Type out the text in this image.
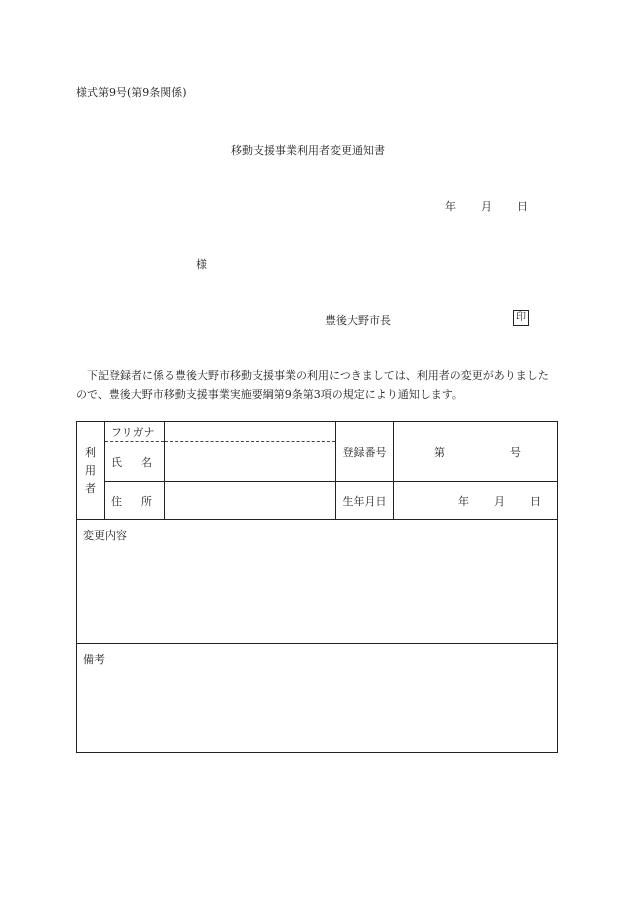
様式第9号(第9条関係)
移動支援事業利用者変更通知書
年 月 日
様
豊後大野市長	印
下記登録者に係る豊後大野市移動支援事業の利用につきましては、利用者の変更がありましたので、豊後大野市移動支援事業実施要綱第9条第3項の規定により通知します。
利用者	フリガナ		登録番号	第 号

	氏 名			

	住 所		生年月日	年 月 日

変更内容				
備考				
